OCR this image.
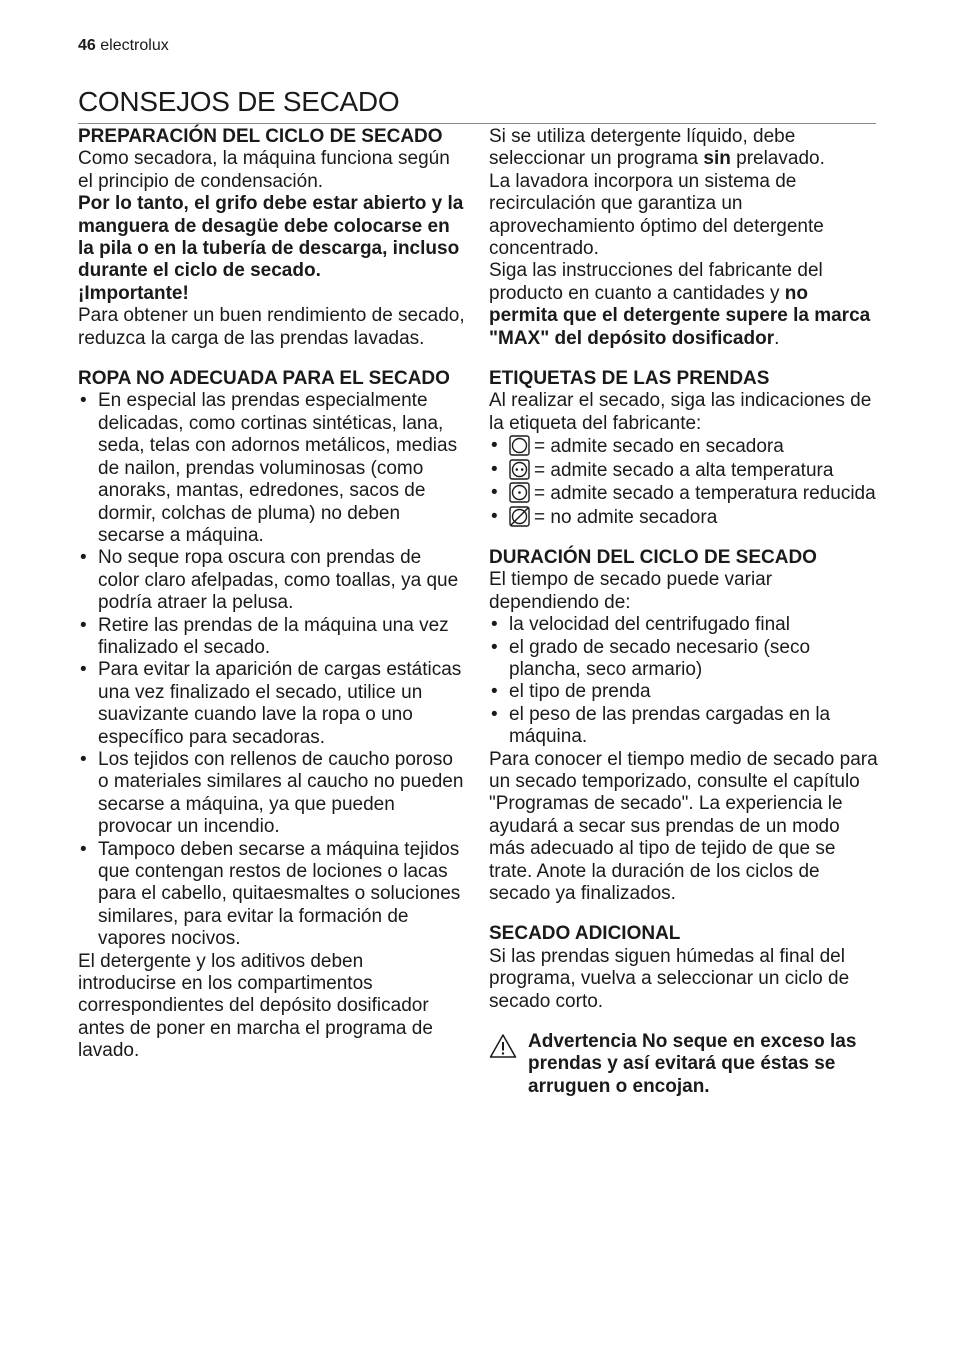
46 electrolux
CONSEJOS DE SECADO
PREPARACIÓN DEL CICLO DE SECADO

Como secadora, la máquina funciona según el principio de condensación.

Por lo tanto, el grifo debe estar abierto y la manguera de desagüe debe colocarse en la pila o en la tubería de descarga, incluso durante el ciclo de secado.

¡Importante!

Para obtener un buen rendimiento de secado, reduzca la carga de las prendas lavadas.

ROPA NO ADECUADA PARA EL SECADO
• En especial las prendas especialmente delicadas, como cortinas sintéticas, lana, seda, telas con adornos metálicos, medias de nailon, prendas voluminosas (como anoraks, mantas, edredones, sacos de dormir, colchas de pluma) no deben secarse a máquina.
• No seque ropa oscura con prendas de color claro afelpadas, como toallas, ya que podría atraer la pelusa.
• Retire las prendas de la máquina una vez finalizado el secado.
• Para evitar la aparición de cargas estáticas una vez finalizado el secado, utilice un suavizante cuando lave la ropa o uno específico para secadoras.
• Los tejidos con rellenos de caucho poroso o materiales similares al caucho no pueden secarse a máquina, ya que pueden provocar un incendio.
• Tampoco deben secarse a máquina tejidos que contengan restos de lociones o lacas para el cabello, quitaesmaltes o soluciones similares, para evitar la formación de vapores nocivos.

El detergente y los aditivos deben introducirse en los compartimentos correspondientes del depósito dosificador antes de poner en marcha el programa de lavado.

Si se utiliza detergente líquido, debe seleccionar un programa sin prelavado.

La lavadora incorpora un sistema de recirculación que garantiza un aprovechamiento óptimo del detergente concentrado.

Siga las instrucciones del fabricante del producto en cuanto a cantidades y no permita que el detergente supere la marca "MAX" del depósito dosificador.

ETIQUETAS DE LAS PRENDAS

Al realizar el secado, siga las indicaciones de la etiqueta del fabricante:

• = admite secado en secadora
• = admite secado a alta temperatura
• = admite secado a temperatura reducida
• = no admite secadora
DURACIÓN DEL CICLO DE SECADO

El tiempo de secado puede variar dependiendo de:

• la velocidad del centrifugado final
• el grado de secado necesario (seco plancha, seco armario)
• el tipo de prenda
• el peso de las prendas cargadas en la máquina.

Para conocer el tiempo medio de secado para un secado temporizado, consulte el capítulo "Programas de secado". La experiencia le ayudará a secar sus prendas de un modo más adecuado al tipo de tejido de que se trate. Anote la duración de los ciclos de secado ya finalizados.

SECADO ADICIONAL

Si las prendas siguen húmedas al final del programa, vuelva a seleccionar un ciclo de secado corto.

Advertencia No seque en exceso las prendas y así evitará que éstas se arruguen o encojan.
